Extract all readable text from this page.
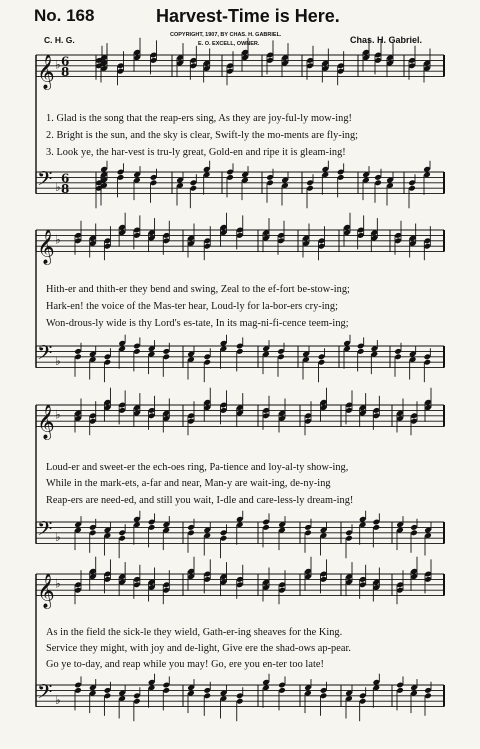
No. 168	Harvest-Time is Here.
C. H. G.	COPYRIGHT, 1907, BY CHAS. H. GABRIEL.
E. O. EXCELL, OWNER.	Chas. H. Gabriel.
𝄞 ♭ 6
8
𝄢 ♭
6
8
𝄞 ♭
𝄢 ♭
𝄞 ♭
𝄢 ♭
𝄞 ♭
𝄢 ♭
1. Glad is the song that the reap-ers sing, As they are joy-ful-ly mow-ing!
2. Bright is the sun, and the sky is clear, Swift-ly the mo-ments are fly-ing;
3. Look ye, the har-vest is tru-ly great, Gold-en and ripe it is gleam-ing!
Hith-er and thith-er they bend and swing, Zeal to the ef-fort be-stow-ing;
Hark-en! the voice of the Mas-ter hear, Loud-ly for la-bor-ers cry-ing;
Won-drous-ly wide is thy Lord's es-tate, In its mag-ni-fi-cence teem-ing;
Loud-er and sweet-er the ech-oes ring, Pa-tience and loy-al-ty show-ing,
While in the mark-ets, a-far and near, Man-y are wait-ing, de-ny-ing
Reap-ers are need-ed, and still you wait, I-dle and care-less-ly dream-ing!
As in the field the sick-le they wield, Gath-er-ing sheaves for the King.
Service they might, with joy and de-light, Give ere the shad-ows ap-pear.
Go ye to-day, and reap while you may! Go, ere you en-ter too late!
